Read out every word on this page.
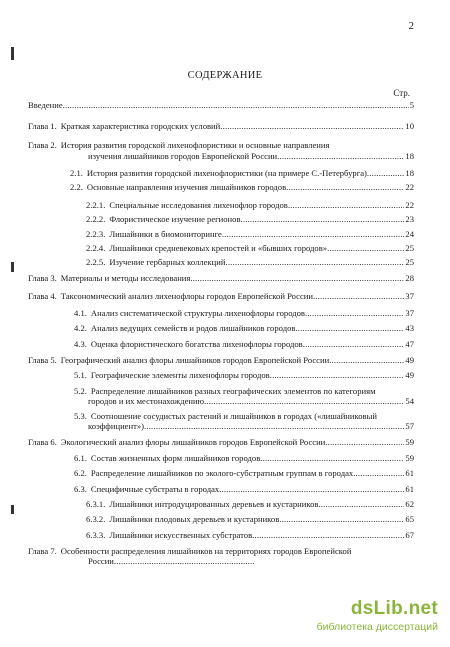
2
СОДЕРЖАНИЕ
Стр.
Введение .....	5
Глава 1. Краткая характеристика городских условий .....	10
Глава 2. История развития городской лихенофлористики и основные направления
изучения лишайников городов Европейской России .....	18
2.1. История развития городской лихенофлористики (на примере С.-Петербурга) .....	18
2.2. Основные направления изучения лишайников городов .....	22
2.2.1. Специальные исследования лихенофлор городов .....	22
2.2.2. Флористическое изучение регионов .....	23
2.2.3. Лишайники в биомониторинге .....	24
2.2.4. Лишайники средневековых крепостей и «бывших городов» .....	25
2.2.5. Изучение гербарных коллекций .....	25
Глава 3. Материалы и методы исследования .....	28
Глава 4. Таксономический анализ лихенофлоры городов Европейской России .....	37
4.1. Анализ систематической структуры лихенофлоры городов .....	37
4.2. Анализ ведущих семейств и родов лишайников городов .....	43
4.3. Оценка флористического богатства лихенофлоры городов .....	47
Глава 5. Географический анализ флоры лишайников городов Европейской России .....	49
5.1. Географические элементы лихенофлоры городов .....	49
5.2. Распределение лишайников разных географических элементов по категориям
городов и их местонахождению .....	54
5.3. Соотношение сосудистых растений и лишайников в городах («лишайниковый
коэффициент») .....	57
Глава 6. Экологический анализ флоры лишайников городов Европейской России .....	59
6.1. Состав жизненных форм лишайников городов .....	59
6.2. Распределение лишайников по эколого-субстратным группам в городах .....	61
6.3. Специфичные субстраты в городах .....	61
6.3.1. Лишайники интродуцированных деревьев и кустарников .....	62
6.3.2. Лишайники плодовых деревьев и кустарников .....	65
6.3.3. Лишайники искусственных субстратов .....	67
Глава 7. Особенности распределения лишайников на территориях городов Европейской
России
.....
dsLib.net
библиотека диссертаций
